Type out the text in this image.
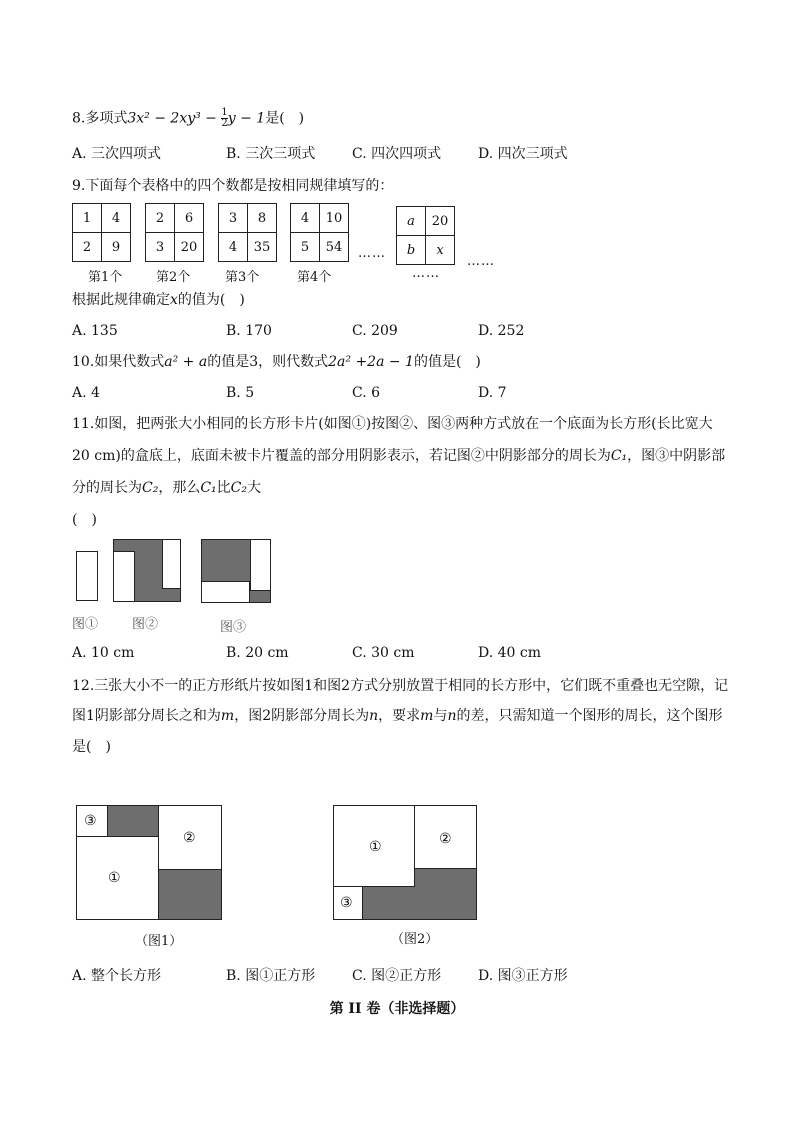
8.多项式$3x^2 - 2xy^3 - \frac{1}{2}$ y − 1是(　)
A. 三次四项式	B. 三次三项式	C. 四次四项式	D. 四次三项式
9.下面每个表格中的四个数都是按相同规律填写的：
1	4
2	9
第1个
2	6
3	20
第2个
3	8
4	35
第3个
4	10
5	54
第4个
……
a	20
b	x
……
……
根据此规律确定x的值为(　)
A. 135	B. 170	C. 209	D. 252
10.如果代数式a² + a的值是3，则代数式2a² +2a − 1的值是(　)
A. 4	B. 5	C. 6	D. 7
11.如图，把两张大小相同的长方形卡片(如图①)按图②、图③两种方式放在一个底面为长方形(长比宽大
20 cm)的盒底上，底面未被卡片覆盖的部分用阴影表示，若记图②中阴影部分的周长为C₁，图③中阴影部
分的周长为C₂，那么C₁比C₂大
(　)
图①	图②	图③
A. 10 cm	B. 20 cm	C. 30 cm	D. 40 cm
12.三张大小不一的正方形纸片按如图1和图2方式分别放置于相同的长方形中，它们既不重叠也无空隙，记
图1阴影部分周长之和为m，图2阴影部分周长为n，要求m与n的差，只需知道一个图形的周长，这个图形
是(　)
③
①
②
（图1）
①	②
③
（图2）
A. 整个长方形	B. 图①正方形	C. 图②正方形	D. 图③正方形
第 II 卷（非选择题）
